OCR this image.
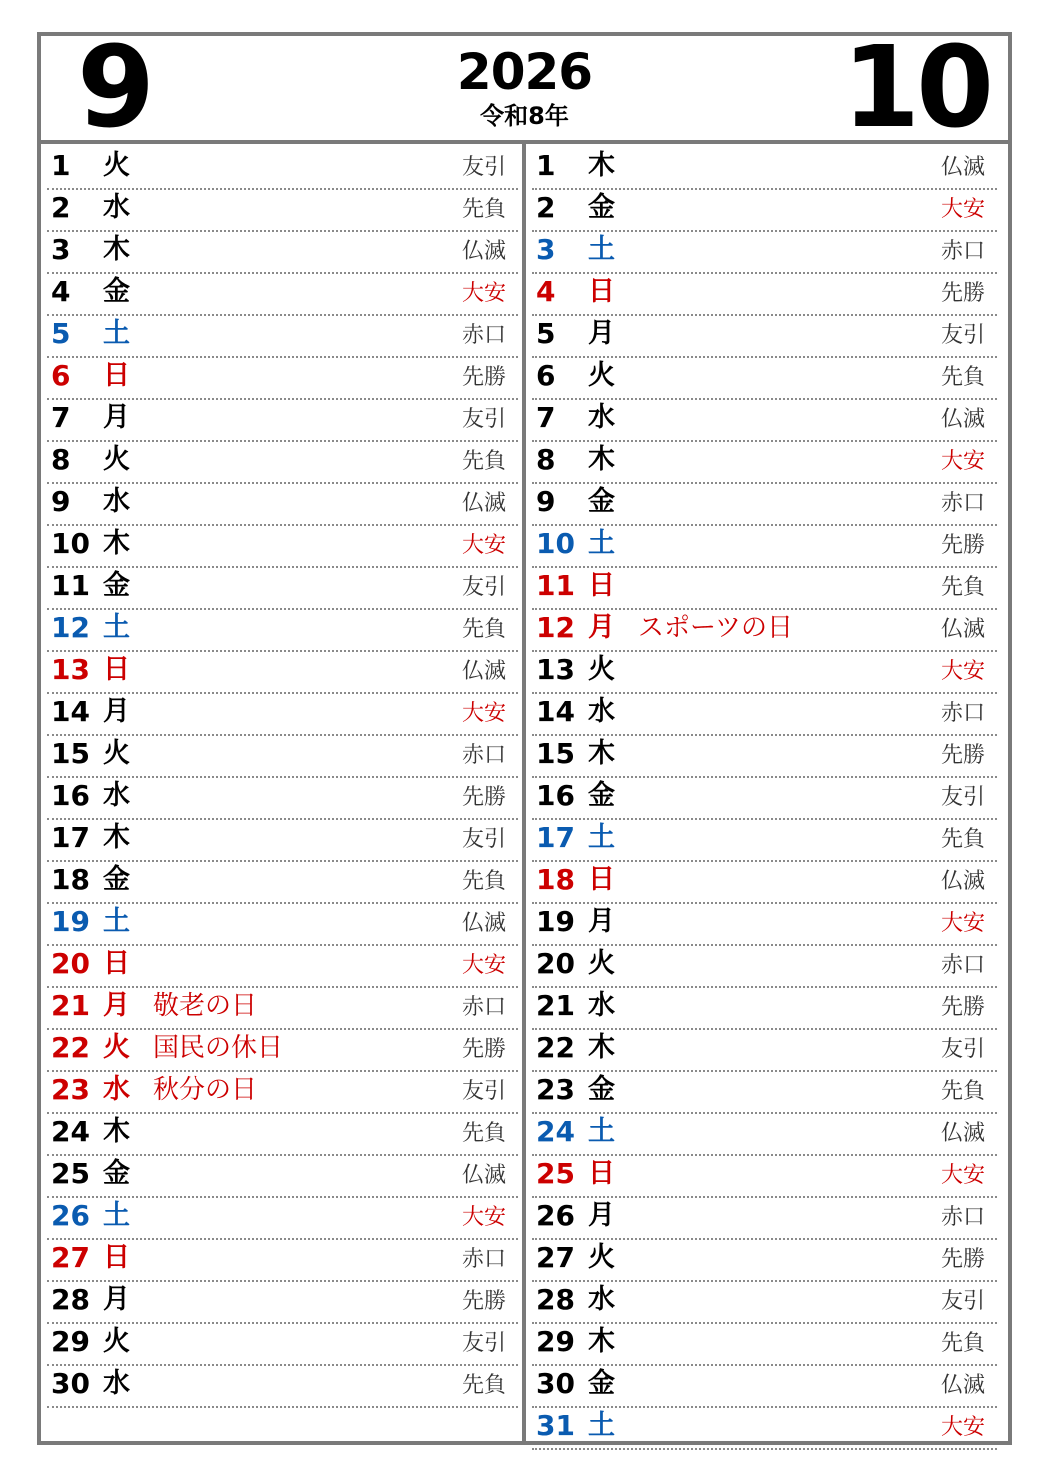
9	2026
令和8年	10
1 火	友引
2 水	先負
3 木	仏滅
4 金	大安
5 土	赤口
6 日	先勝
7 月	友引
8 火	先負
9 水	仏滅
10 木	大安
11 金	友引
12 土	先負
13 日	仏滅
14 月	大安
15 火	赤口
16 水	先勝
17 木	友引
18 金	先負
19 土	仏滅
20 日	大安
21 月 敬老の日	赤口
22 火 国民の休日	先勝
23 水 秋分の日	友引
24 木	先負
25 金	仏滅
26 土	大安
27 日	赤口
28 月	先勝
29 火	友引
30 水	先負
1 木	仏滅
2 金	大安
3 土	赤口
4 日	先勝
5 月	友引
6 火	先負
7 水	仏滅
8 木	大安
9 金	赤口
10 土	先勝
11 日	先負
12 月 スポーツの日	仏滅
13 火	大安
14 水	赤口
15 木	先勝
16 金	友引
17 土	先負
18 日	仏滅
19 月	大安
20 火	赤口
21 水	先勝
22 木	友引
23 金	先負
24 土	仏滅
25 日	大安
26 月	赤口
27 火	先勝
28 水	友引
29 木	先負
30 金	仏滅
31 土	大安
